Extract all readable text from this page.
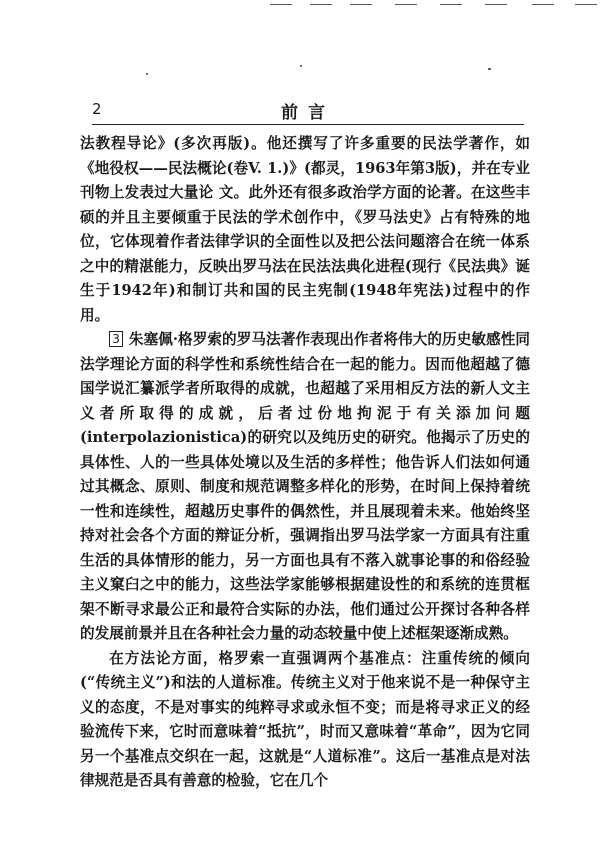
2	前言

法教程导论》(多次再版)。他还撰写了许多重要的民法学著作，如《地役权——民法概论(卷V. 1.)》(都灵，1963年第3版)，并在专业刊物上发表过大量论 文。此外还有很多政治学方面的论著。在这些丰硕的并且主要倾重于民法的学术创作中，《罗马法史》占有特殊的地位，它体现着作者法律学识的全面性以及把公法问题溶合在统一体系之中的精湛能力，反映出罗马法在民法法典化进程(现行《民法典》诞生于1942年)和制订共和国的民主宪制(1948年宪法)过程中的作用。

3 朱塞佩·格罗索的罗马法著作表现出作者将伟大的历史敏感性同法学理论方面的科学性和系统性结合在一起的能力。因而他超越了德国学说汇纂派学者所取得的成就，也超越了采用相反方法的新人文主义者所取得的成就，后者过份地拘泥于有关添加问题(interpolazionistica)的研究以及纯历史的研究。他揭示了历史的具体性、人的一些具体处境以及生活的多样性；他告诉人们法如何通过其概念、原则、制度和规范调整多样化的形势，在时间上保持着统一性和连续性，超越历史事件的偶然性，并且展现着未来。他始终坚持对社会各个方面的辩证分析，强调指出罗马法学家一方面具有注重生活的具体情形的能力，另一方面也具有不落入就事论事的和俗经验主义窠臼之中的能力，这些法学家能够根据建设性的和系统的连贯框架不断寻求最公正和最符合实际的办法，他们通过公开探讨各种各样的发展前景并且在各种社会力量的动态较量中使上述框架逐渐成熟。

在方法论方面，格罗索一直强调两个基准点：注重传统的倾向(“传统主义”)和法的人道标准。传统主义对于他来说不是一种保守主义的态度，不是对事实的纯粹寻求或永恒不变；而是将寻求正义的经验流传下来，它时而意味着“抵抗”，时而又意味着“革命”，因为它同另一个基准点交织在一起，这就是“人道标准”。这后一基准点是对法律规范是否具有善意的检验，它在几个
